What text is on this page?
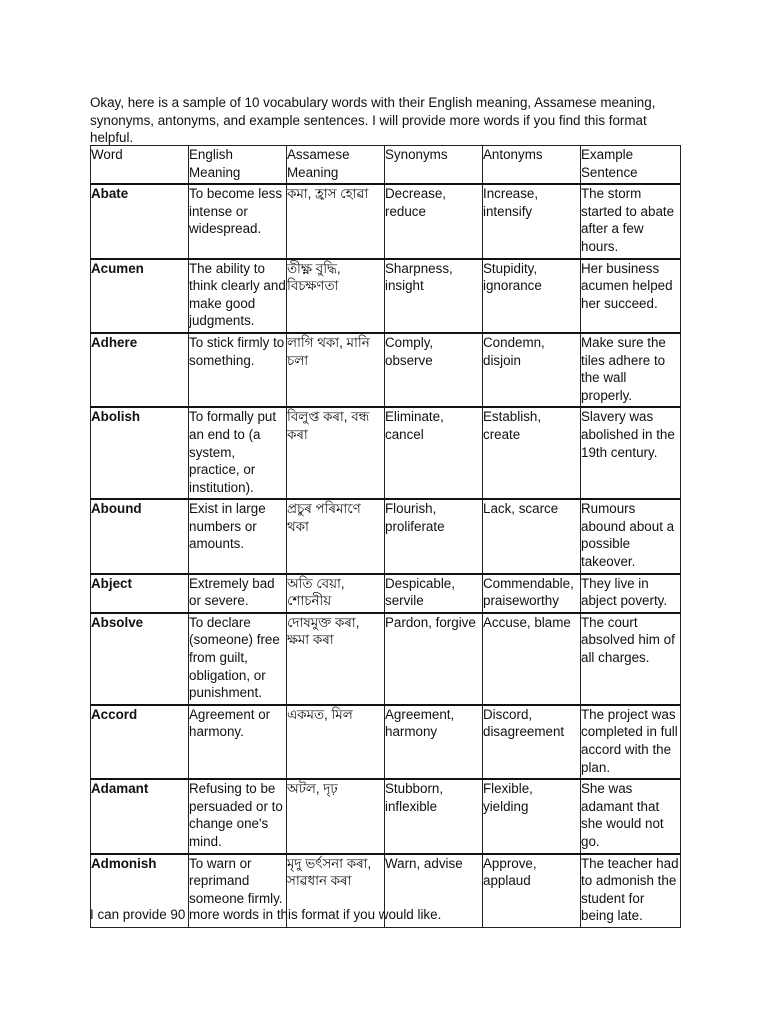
Okay, here is a sample of 10 vocabulary words with their English meaning, Assamese meaning, synonyms, antonyms, and example sentences. I will provide more words if you find this format helpful.

Word	English Meaning	Assamese Meaning	Synonyms	Antonyms	Example Sentence
Abate	To become less intense or widespread.	কমা, হ্ৰাস হোৱা	Decrease, reduce	Increase, intensify	The storm started to abate after a few hours.
Acumen	The ability to think clearly and make good judgments.	তীক্ষ্ণ বুদ্ধি, বিচক্ষণতা	Sharpness, insight	Stupidity, ignorance	Her business acumen helped her succeed.
Adhere	To stick firmly to something.	লাগি থকা, মানি চলা	Comply, observe	Condemn, disjoin	Make sure the tiles adhere to the wall properly.
Abolish	To formally put an end to (a system, practice, or institution).	বিলুপ্ত কৰা, বন্ধ কৰা	Eliminate, cancel	Establish, create	Slavery was abolished in the 19th century.
Abound	Exist in large numbers or amounts.	প্ৰচুৰ পৰিমাণে থকা	Flourish, proliferate	Lack, scarce	Rumours abound about a possible takeover.
Abject	Extremely bad or severe.	অতি বেয়া, শোচনীয়	Despicable, servile	Commendable, praiseworthy	They live in abject poverty.
Absolve	To declare (someone) free from guilt, obligation, or punishment.	দোষমুক্ত কৰা, ক্ষমা কৰা	Pardon, forgive	Accuse, blame	The court absolved him of all charges.
Accord	Agreement or harmony.	একমত, মিল	Agreement, harmony	Discord, disagreement	The project was completed in full accord with the plan.
Adamant	Refusing to be persuaded or to change one's mind.	অটল, দৃঢ়	Stubborn, inflexible	Flexible, yielding	She was adamant that she would not go.
Admonish	To warn or reprimand someone firmly.	মৃদু ভৰ্ৎসনা কৰা, সাৱধান কৰা	Warn, advise	Approve, applaud	The teacher had to admonish the student for being late.

I can provide 90 more words in this format if you would like.
